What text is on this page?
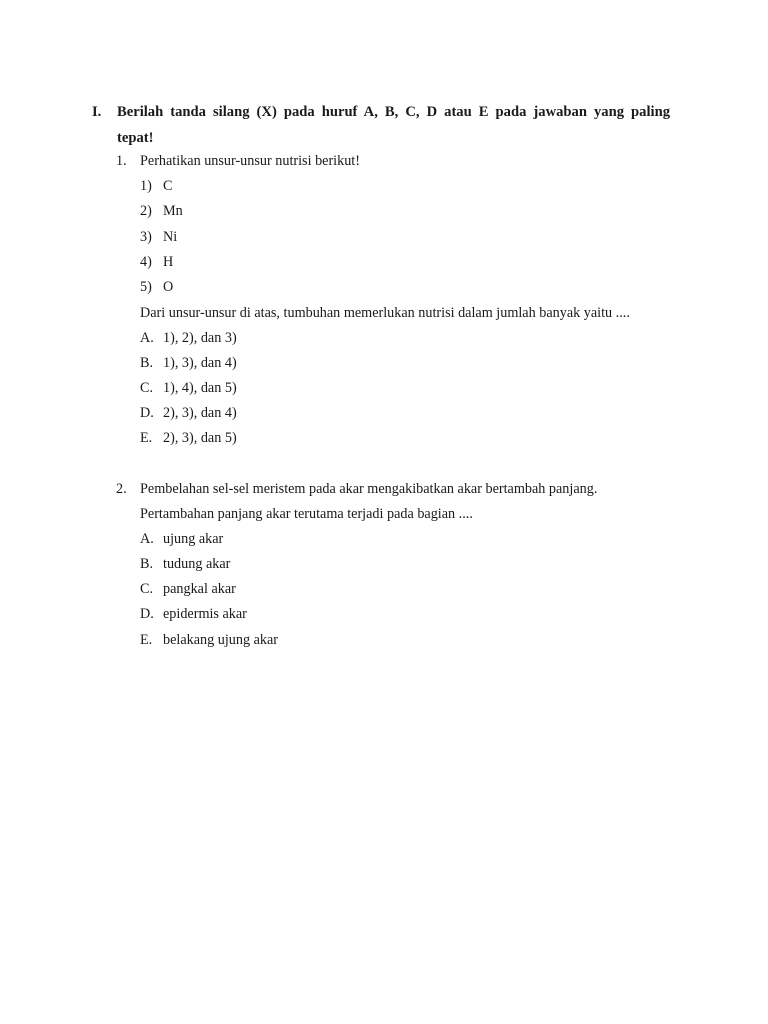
I. Berilah tanda silang (X) pada huruf A, B, C, D atau E pada jawaban yang paling
tepat!
1. Perhatikan unsur-unsur nutrisi berikut!
1) C
2) Mn
3) Ni
4) H
5) O
Dari unsur-unsur di atas, tumbuhan memerlukan nutrisi dalam jumlah banyak yaitu ....
A. 1), 2), dan 3)
B. 1), 3), dan 4)
C. 1), 4), dan 5)
D. 2), 3), dan 4)
E. 2), 3), dan 5)
2. Pembelahan sel-sel meristem pada akar mengakibatkan akar bertambah panjang.
Pertambahan panjang akar terutama terjadi pada bagian ....
A. ujung akar
B. tudung akar
C. pangkal akar
D. epidermis akar
E. belakang ujung akar
